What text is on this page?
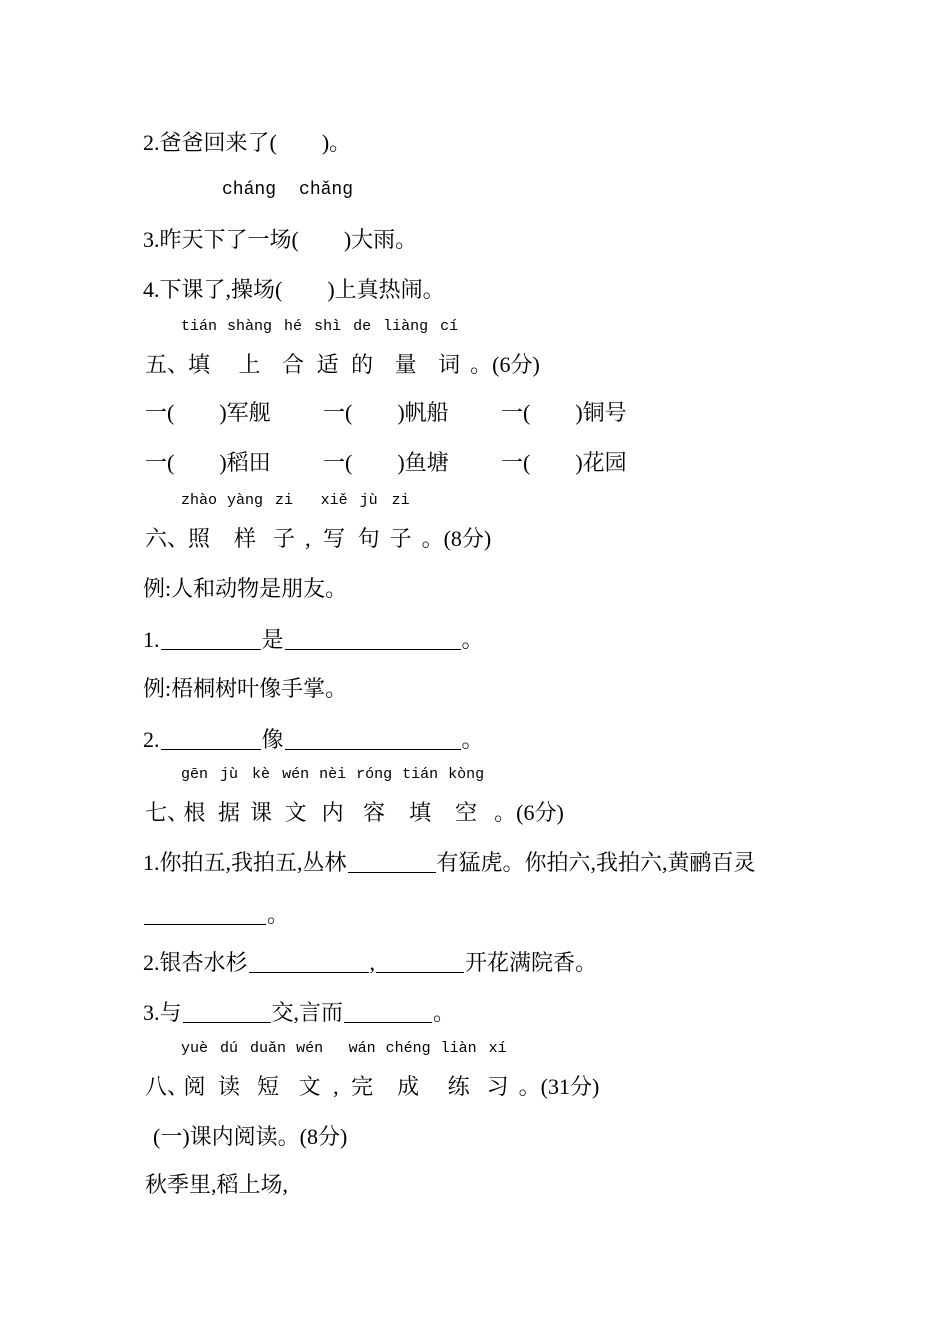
2.爸爸回来了( )。
cháng chǎng
3.昨天下了一场( )大雨。
4.下课了,操场( )上真热闹。
五、
tián
填
shàng
上
hé
合
shì
适
de
的
liàng
量
cí
词 。(6分)
一( )军舰 一( )帆船 一( )铜号
一( )稻田 一( )鱼塘 一( )花园
六、
zhào
照
yàng
样
zi
子 ,
xiě
写
jù
句
zi
子 。(8分)
例:人和动物是朋友。
1.	是	。
例:梧桐树叶像手掌。
2.	像	。
七、
gēn
根
jù
据
kè
课
wén
文
nèi
内
róng
容
tián
填
kòng
空 。(6分)
1.你拍五,我拍五,丛林	有猛虎。你拍六,我拍六,黄鹂百灵
。
2.银杏水杉	,	开花满院香。
3.与	交,言而	。
八、
yuè
阅
dú
读
duǎn
短
wén
文 ,
wán
完
chéng
成
liàn
练
xí
习 。(31分)
(一)课内阅读。(8分)
秋季里,稻上场,
